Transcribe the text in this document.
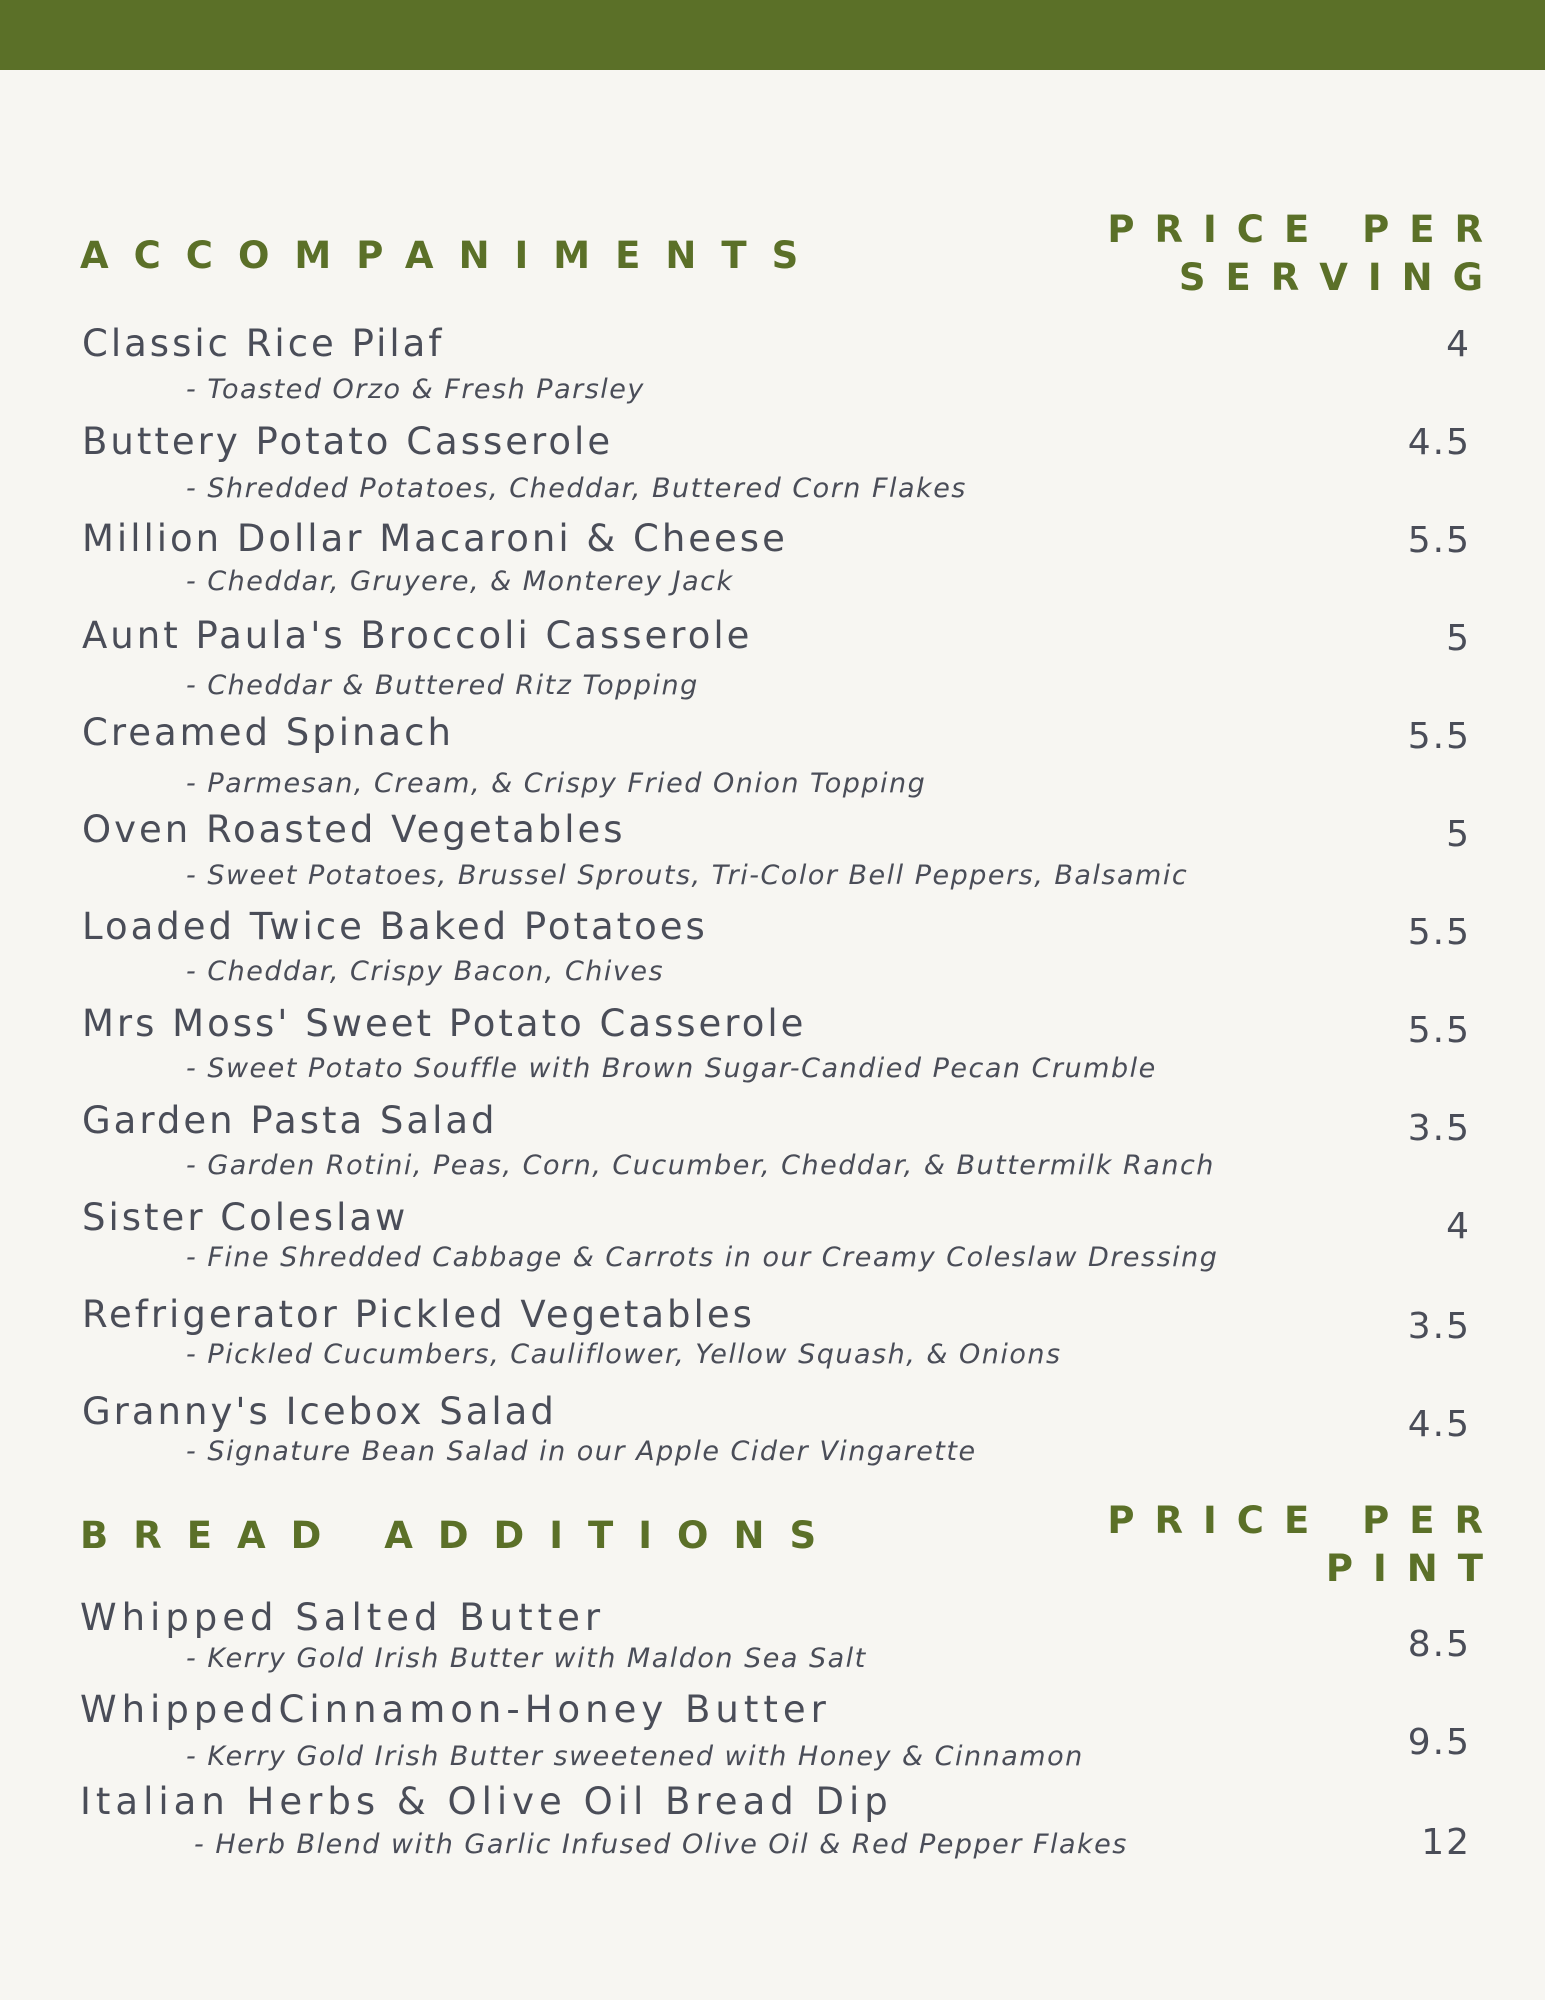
ACCOMPANIMENTS
PRICE PER
SERVING
Classic Rice Pilaf
- Toasted Orzo & Fresh Parsley
4
Buttery Potato Casserole
- Shredded Potatoes, Cheddar, Buttered Corn Flakes
4.5
Million Dollar Macaroni & Cheese
- Cheddar, Gruyere, & Monterey Jack
5.5
Aunt Paula's Broccoli Casserole
- Cheddar & Buttered Ritz Topping
5
Creamed Spinach
- Parmesan, Cream, & Crispy Fried Onion Topping
5.5
Oven Roasted Vegetables
- Sweet Potatoes, Brussel Sprouts, Tri-Color Bell Peppers, Balsamic
5
Loaded Twice Baked Potatoes
- Cheddar, Crispy Bacon, Chives
5.5
Mrs Moss' Sweet Potato Casserole
- Sweet Potato Souffle with Brown Sugar-Candied Pecan Crumble
5.5
Garden Pasta Salad
- Garden Rotini, Peas, Corn, Cucumber, Cheddar, & Buttermilk Ranch
3.5
Sister Coleslaw
- Fine Shredded Cabbage & Carrots in our Creamy Coleslaw Dressing
4
Refrigerator Pickled Vegetables
- Pickled Cucumbers, Cauliflower, Yellow Squash, & Onions
3.5
Granny's Icebox Salad
- Signature Bean Salad in our Apple Cider Vingarette
4.5
BREAD ADDITIONS	PRICE PER
PINT
Whipped Salted Butter
- Kerry Gold Irish Butter with Maldon Sea Salt	8.5
WhippedCinnamon-Honey Butter
- Kerry Gold Irish Butter sweetened with Honey & Cinnamon	9.5
Italian Herbs & Olive Oil Bread Dip
- Herb Blend with Garlic Infused Olive Oil & Red Pepper Flakes	12
